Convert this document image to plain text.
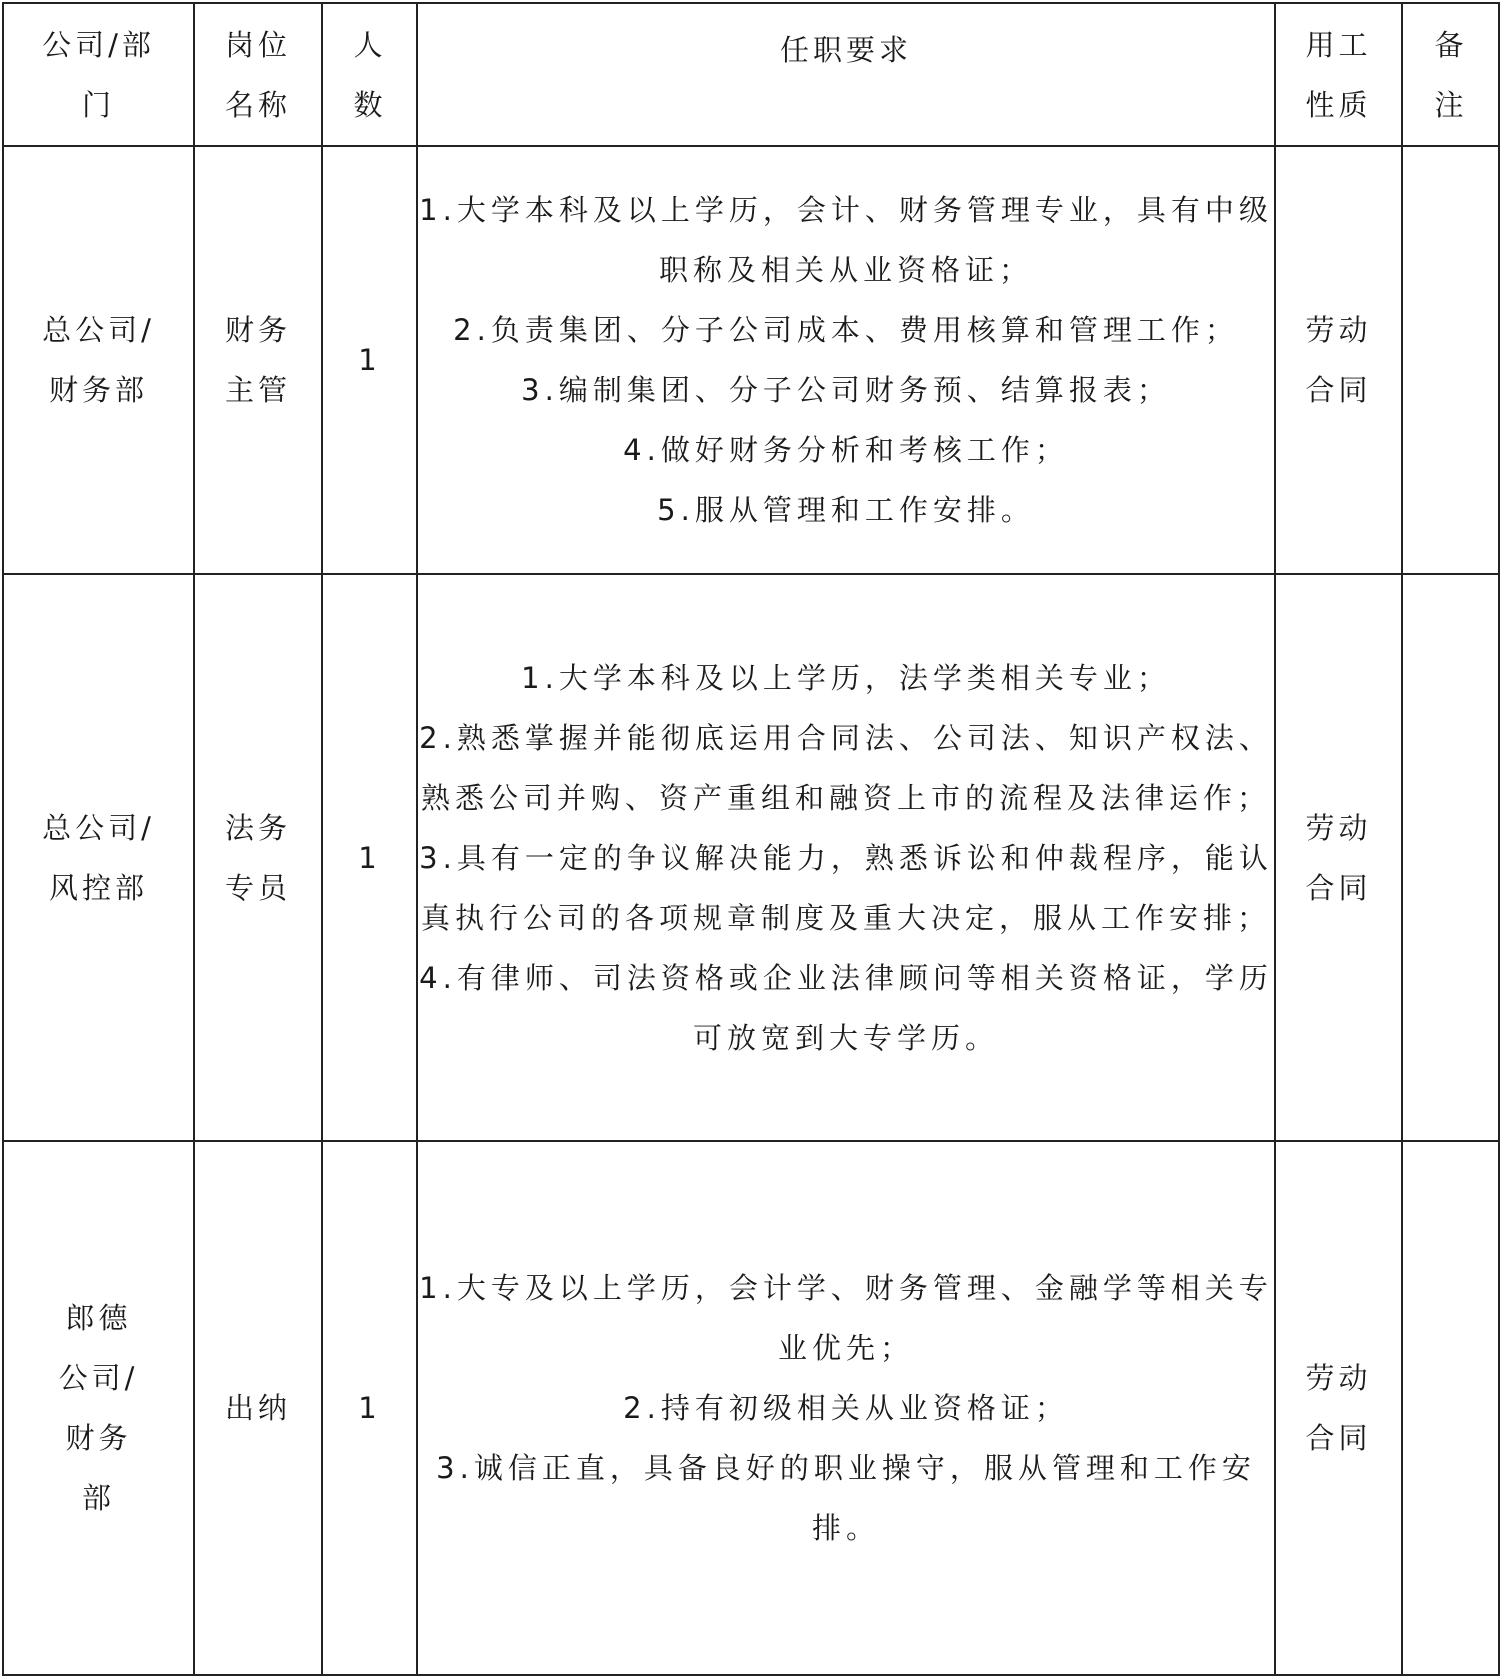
公司/部门	岗位名称	人数	任职要求	用工性质	备注
总公司/财务部	财务主管	1	1.大学本科及以上学历，会计、财务管理专业，具有中级职称及相关从业资格证；
2.负责集团、分子公司成本、费用核算和管理工作；
3.编制集团、分子公司财务预、结算报表；
4.做好财务分析和考核工作；
5.服从管理和工作安排。	劳动合同	
总公司/风控部	法务专员	1	1.大学本科及以上学历，法学类相关专业；
2.熟悉掌握并能彻底运用合同法、公司法、知识产权法、熟悉公司并购、资产重组和融资上市的流程及法律运作；
3.具有一定的争议解决能力，熟悉诉讼和仲裁程序，能认真执行公司的各项规章制度及重大决定，服从工作安排；
4.有律师、司法资格或企业法律顾问等相关资格证，学历可放宽到大专学历。	劳动合同	
郎德公司/财务部	出纳	1	1.大专及以上学历，会计学、财务管理、金融学等相关专业优先；
2.持有初级相关从业资格证；
3.诚信正直，具备良好的职业操守，服从管理和工作安排。	劳动合同	
